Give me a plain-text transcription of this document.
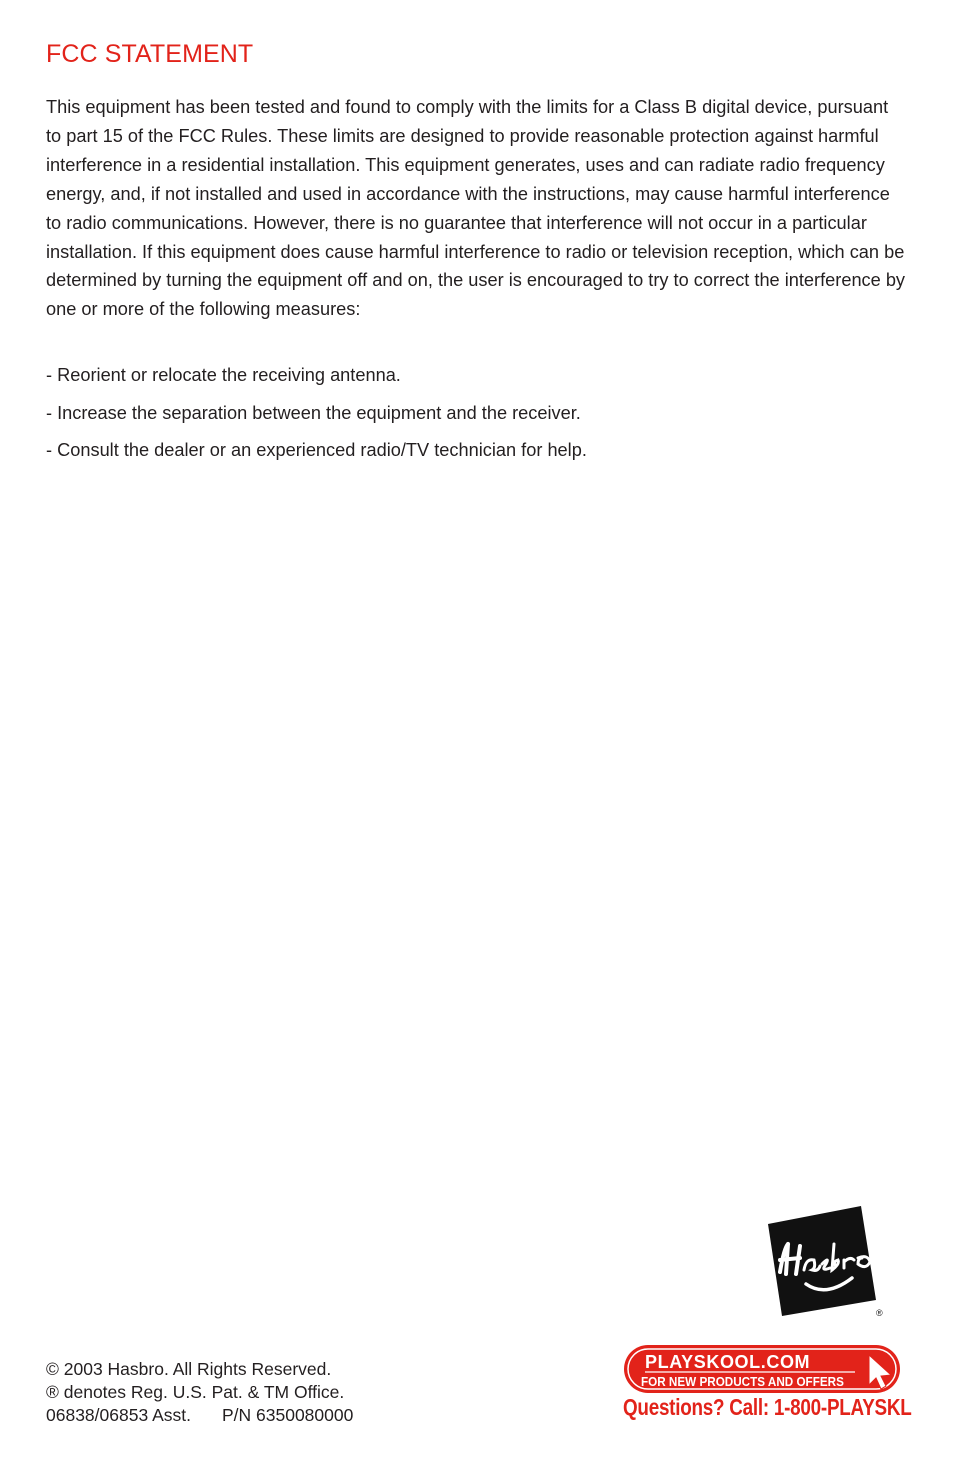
FCC STATEMENT

This equipment has been tested and found to comply with the limits for a Class B digital device, pursuant to part 15 of the FCC Rules. These limits are designed to provide reasonable protection against harmful interference in a residential installation. This equipment generates, uses and can radiate radio frequency energy, and, if not installed and used in accordance with the instructions, may cause harmful interference to radio communications. However, there is no guarantee that interference will not occur in a particular installation. If this equipment does cause harmful interference to radio or television reception, which can be determined by turning the equipment off and on, the user is encouraged to try to correct the interference by one or more of the following measures:

- Reorient or relocate the receiving antenna.
- Increase the separation between the equipment and the receiver.
- Consult the dealer or an experienced radio/TV technician for help.
®
© 2003 Hasbro. All Rights Reserved.
® denotes Reg. U.S. Pat. & TM Office.
06838/06853 Asst. P/N 6350080000
PLAYSKOOL.COM
FOR NEW PRODUCTS AND OFFERS
Questions? Call: 1-800-PLAYSKL
